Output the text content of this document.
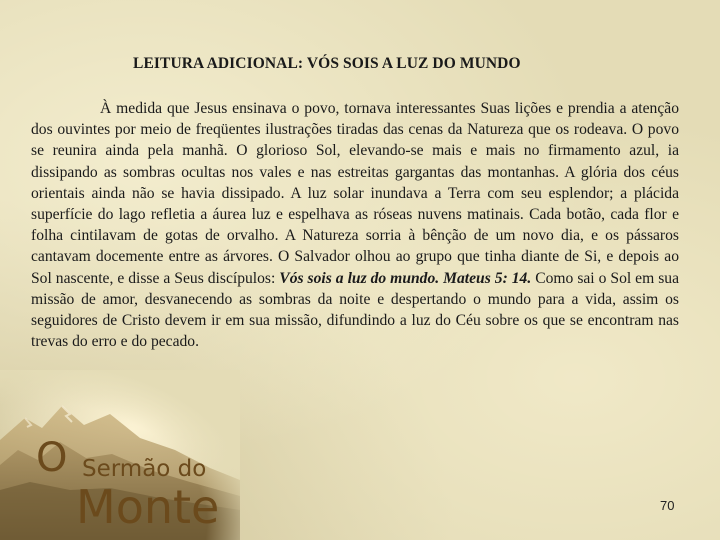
LEITURA ADICIONAL: VÓS SOIS A LUZ DO MUNDO

À medida que Jesus ensinava o povo, tornava interessantes Suas lições e prendia a atenção dos ouvintes por meio de freqüentes ilustrações tiradas das cenas da Natureza que os rodeava. O povo se reunira ainda pela manhã. O glorioso Sol, elevando-se mais e mais no firmamento azul, ia dissipando as sombras ocultas nos vales e nas estreitas gargantas das montanhas. A glória dos céus orientais ainda não se havia dissipado. A luz solar inundava a Terra com seu esplendor; a plácida superfície do lago refletia a áurea luz e espelhava as róseas nuvens matinais. Cada botão, cada flor e folha cintilavam de gotas de orvalho. A Natureza sorria à bênção de um novo dia, e os pássaros cantavam docemente entre as árvores. O Salvador olhou ao grupo que tinha diante de Si, e depois ao Sol nascente, e disse a Seus discípulos: Vós sois a luz do mundo. Mateus 5: 14. Como sai o Sol em sua missão de amor, desvanecendo as sombras da noite e despertando o mundo para a vida, assim os seguidores de Cristo devem ir em sua missão, difundindo a luz do Céu sobre os que se encontram nas trevas do erro e do pecado.

O Sermão do
Monte	70
